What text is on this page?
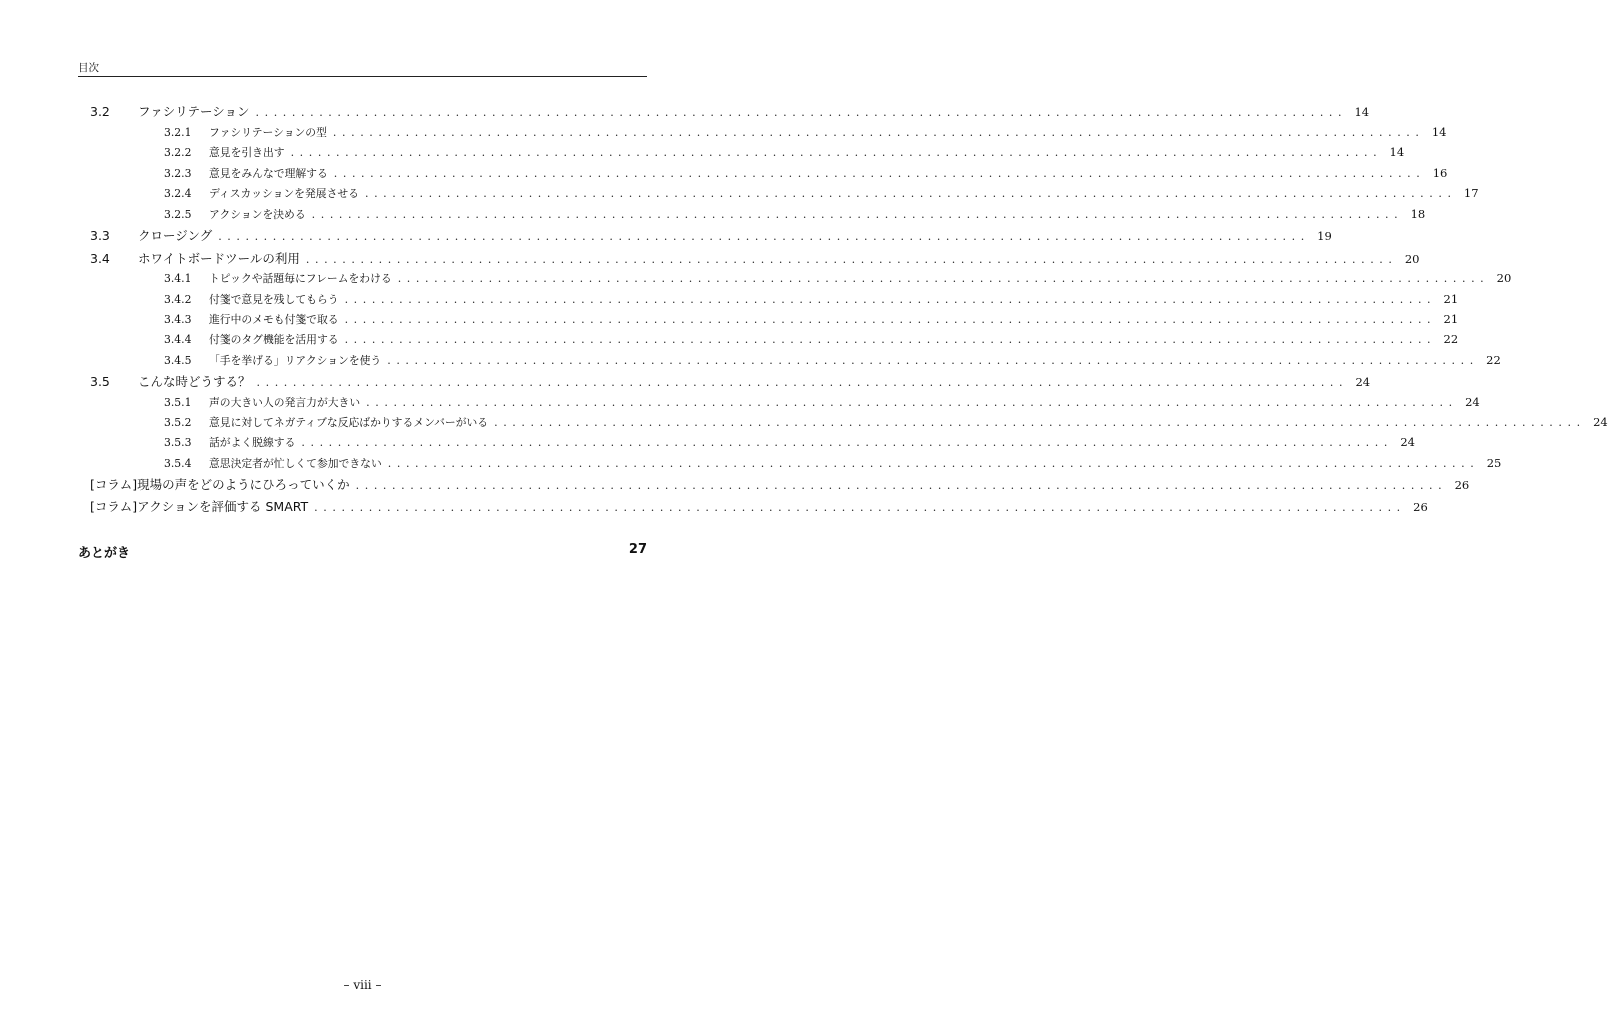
目次
3.2	ファシリテーション ........................................................................................................................ 14
3.2.1	ファシリテーションの型 ........................................................................................................................ 14
3.2.2	意見を引き出す ........................................................................................................................ 14
3.2.3	意見をみんなで理解する ........................................................................................................................ 16
3.2.4	ディスカッションを発展させる ........................................................................................................................ 17
3.2.5	アクションを決める ........................................................................................................................ 18
3.3	クロージング ........................................................................................................................ 19
3.4	ホワイトボードツールの利用 ........................................................................................................................ 20
3.4.1	トピックや話題毎にフレームをわける ........................................................................................................................ 20
3.4.2	付箋で意見を残してもらう ........................................................................................................................ 21
3.4.3	進行中のメモも付箋で取る ........................................................................................................................ 21
3.4.4	付箋のタグ機能を活用する ........................................................................................................................ 22
3.4.5	「手を挙げる」リアクションを使う ........................................................................................................................ 22
3.5	こんな時どうする？ ........................................................................................................................ 24
3.5.1	声の大きい人の発言力が大きい ........................................................................................................................ 24
3.5.2	意見に対してネガティブな反応ばかりするメンバーがいる ........................................................................................................................ 24
3.5.3	話がよく脱線する ........................................................................................................................ 24
3.5.4	意思決定者が忙しくて参加できない ........................................................................................................................ 25
[コラム]現場の声をどのようにひろっていくか ........................................................................................................................ 26
[コラム]アクションを評価する SMART ........................................................................................................................ 26
あとがき	27
– viii –
